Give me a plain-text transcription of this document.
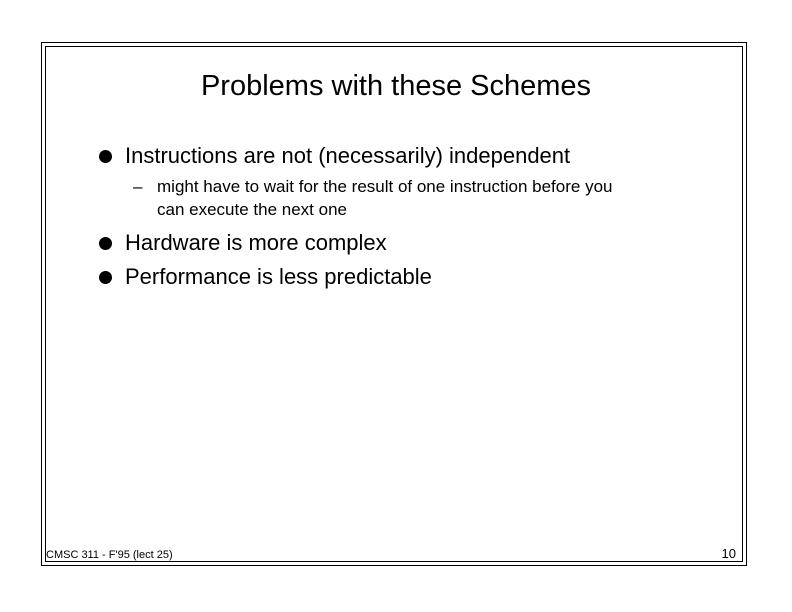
Problems with these Schemes
Instructions are not (necessarily) independent
– might have to wait for the result of one instruction before you
can execute the next one
Hardware is more complex
Performance is less predictable
CMSC 311 - F'95 (lect 25)	10
